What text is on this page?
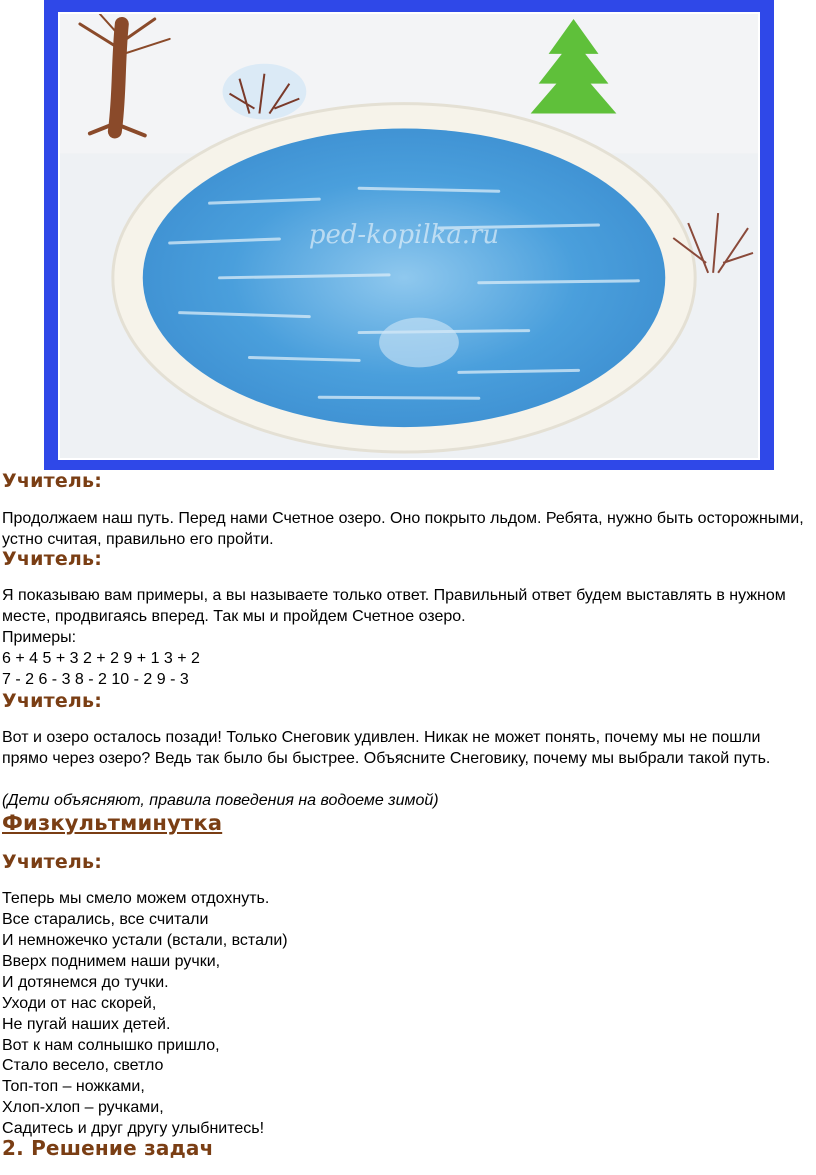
ped-kopilka.ru
Учитель:

Продолжаем наш путь. Перед нами Счетное озеро. Оно покрыто льдом. Ребята, нужно быть осторожными, устно считая, правильно его пройти.

Учитель:

Я показываю вам примеры, а вы называете только ответ. Правильный ответ будем выставлять в нужном месте, продвигаясь вперед. Так мы и пройдем Счетное озеро.

Примеры:
6 + 4 5 + 3 2 + 2 9 + 1 3 + 2
7 - 2 6 - 3 8 - 2 10 - 2 9 - 3
Учитель:

Вот и озеро осталось позади! Только Снеговик удивлен. Никак не может понять, почему мы не пошли прямо через озеро? Ведь так было бы быстрее. Объясните Снеговику, почему мы выбрали такой путь.

(Дети объясняют, правила поведения на водоеме зимой)
Физкультминутка
Учитель:
Теперь мы смело можем отдохнуть.
Все старались, все считали
И немножечко устали (встали, встали)
Вверх поднимем наши ручки,
И дотянемся до тучки.
Уходи от нас скорей,
Не пугай наших детей.
Вот к нам солнышко пришло,
Стало весело, светло
Топ-топ – ножками,
Хлоп-хлоп – ручками,
Садитесь и друг другу улыбнитесь!
2. Решение задач
